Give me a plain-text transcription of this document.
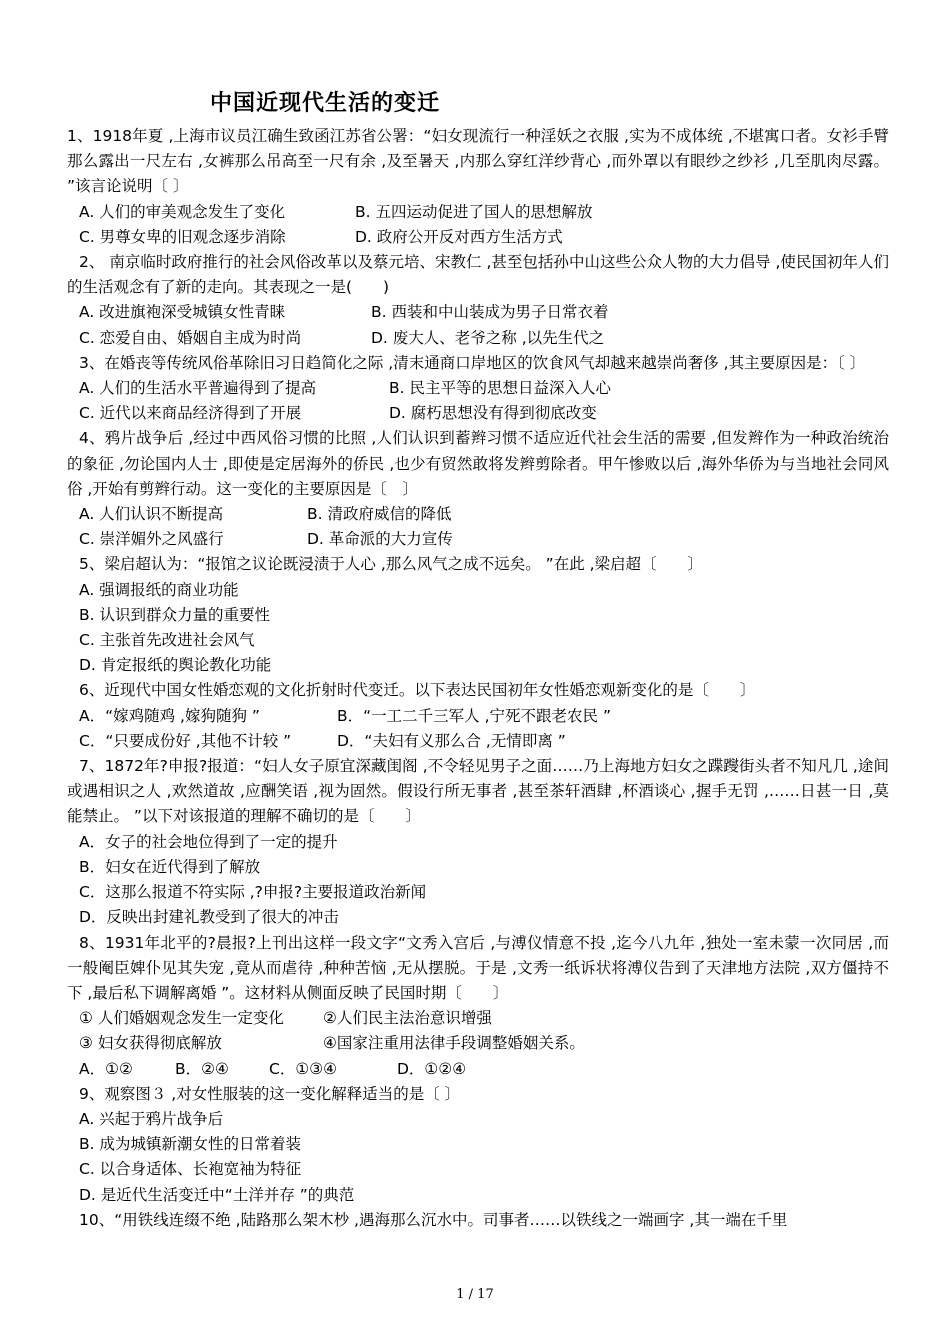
中国近现代生活的变迁

1、1918年夏 ,上海市议员江确生致函江苏省公署：“妇女现流行一种淫妖之衣服 ,实为不成体统 ,不堪寓口者。女衫手臂那么露出一尺左右 ,女裤那么吊高至一尺有余 ,及至暑天 ,内那么穿红洋纱背心 ,而外罩以有眼纱之纱衫 ,几至肌肉尽露。 ”该言论说明〔 〕

A. 人们的审美观念发生了变化	B. 五四运动促进了国人的思想解放
C. 男尊女卑的旧观念逐步消除	D. 政府公开反对西方生活方式

2、 南京临时政府推行的社会风俗改革以及蔡元培、宋教仁 ,甚至包括孙中山这些公众人物的大力倡导 ,使民国初年人们的生活观念有了新的走向。其表现之一是(　　)

A. 改进旗袍深受城镇女性青睐	B. 西装和中山装成为男子日常衣着
C. 恋爱自由、婚姻自主成为时尚	D. 废大人、老爷之称 ,以先生代之

3、在婚丧等传统风俗革除旧习日趋简化之际 ,清末通商口岸地区的饮食风气却越来越崇尚奢侈 ,其主要原因是：〔 〕

A. 人们的生活水平普遍得到了提高	B. 民主平等的思想日益深入人心
C. 近代以来商品经济得到了开展	D. 腐朽思想没有得到彻底改变

4、鸦片战争后 ,经过中西风俗习惯的比照 ,人们认识到蓄辫习惯不适应近代社会生活的需要 ,但发辫作为一种政治统治的象征 ,勿论国内人士 ,即使是定居海外的侨民 ,也少有贸然敢将发辫剪除者。甲午惨败以后 ,海外华侨为与当地社会同风俗 ,开始有剪辫行动。这一变化的主要原因是〔　〕

A. 人们认识不断提高	B. 清政府威信的降低
C. 崇洋媚外之风盛行	D. 革命派的大力宣传

5、梁启超认为：“报馆之议论既浸渍于人心 ,那么风气之成不远矣。 ”在此 ,梁启超〔　　〕

A. 强调报纸的商业功能
B. 认识到群众力量的重要性
C. 主张首先改进社会风气
D. 肯定报纸的舆论教化功能

6、近现代中国女性婚恋观的文化折射时代变迁。以下表达民国初年女性婚恋观新变化的是〔　　〕

A．“嫁鸡随鸡 ,嫁狗随狗 ”	B．“一工二千三军人 ,宁死不跟老农民 ”
C．“只要成份好 ,其他不计较 ”	D．“夫妇有义那么合 ,无情即离 ”

7、1872年?申报?报道：“妇人女子原宜深藏闺阁 ,不令轻见男子之面……乃上海地方妇女之蹀躞街头者不知凡几 ,途间或遇相识之人 ,欢然道故 ,应酬笑语 ,视为固然。假设行所无事者 ,甚至茶轩酒肆 ,杯酒谈心 ,握手无罚 ,……日甚一日 ,莫能禁止。 ”以下对该报道的理解不确切的是〔　　〕

A．女子的社会地位得到了一定的提升
B．妇女在近代得到了解放
C．这那么报道不符实际 ,?申报?主要报道政治新闻
D．反映出封建礼教受到了很大的冲击

8、1931年北平的?晨报?上刊出这样一段文字“文秀入宫后 ,与溥仪情意不投 ,迄今八九年 ,独处一室未蒙一次同居 ,而一般阉臣婢仆见其失宠 ,竟从而虐待 ,种种苦恼 ,无从摆脱。于是 ,文秀一纸诉状将溥仪告到了天津地方法院 ,双方僵持不下 ,最后私下调解离婚 ”。这材料从侧面反映了民国时期〔　　〕

① 人们婚姻观念发生一定变化	②人们民主法治意识增强
③ 妇女获得彻底解放	④国家注重用法律手段调整婚姻关系。
A．①②	B．②④	C．①③④	D．①②④

9、观察图３ ,对女性服装的这一变化解释适当的是〔 〕

A. 兴起于鸦片战争后
B. 成为城镇新潮女性的日常着装
C. 以合身适体、长袍宽袖为特征
D. 是近代生活变迁中“土洋并存 ”的典范

10、“用铁线连缀不绝 ,陆路那么架木杪 ,遇海那么沉水中。司事者……以铁线之一端画字 ,其一端在千里

1 / 17
